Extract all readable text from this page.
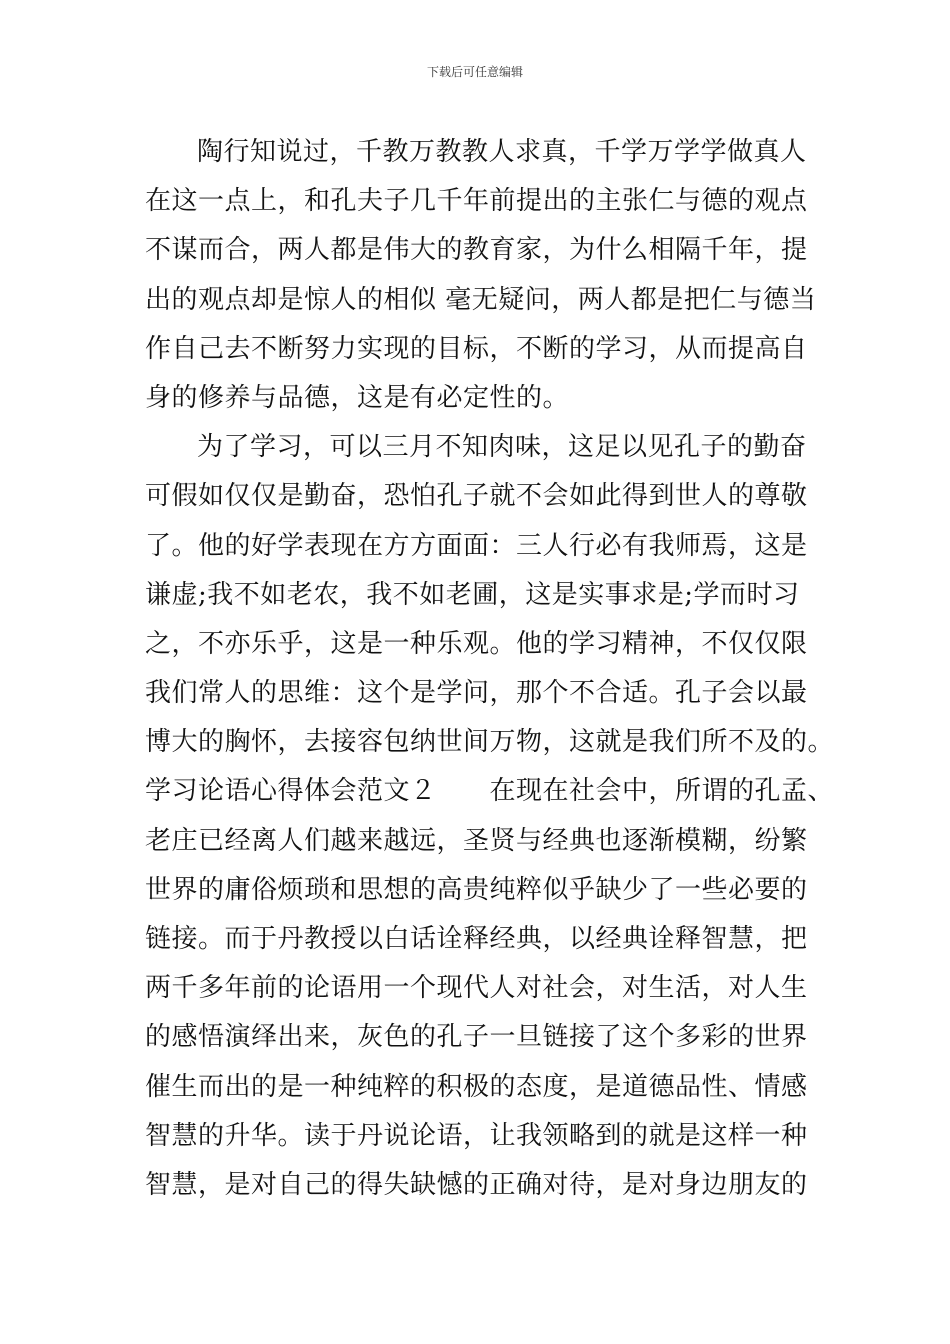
下载后可任意编辑
陶行知说过，千教万教教人求真，千学万学学做真人
在这一点上，和孔夫子几千年前提出的主张仁与德的观点
不谋而合，两人都是伟大的教育家，为什么相隔千年，提
出的观点却是惊人的相似 毫无疑问，两人都是把仁与德当
作自己去不断努力实现的目标，不断的学习，从而提高自
身的修养与品德，这是有必定性的。
为了学习，可以三月不知肉味，这足以见孔子的勤奋
可假如仅仅是勤奋，恐怕孔子就不会如此得到世人的尊敬
了。他的好学表现在方方面面：三人行必有我师焉，这是
谦虚;我不如老农，我不如老圃，这是实事求是;学而时习
之，不亦乐乎，这是一种乐观。他的学习精神，不仅仅限
我们常人的思维：这个是学问，那个不合适。孔子会以最
博大的胸怀，去接容包纳世间万物，这就是我们所不及的。
学习论语心得体会范文２　　在现在社会中，所谓的孔孟、
老庄已经离人们越来越远，圣贤与经典也逐渐模糊，纷繁
世界的庸俗烦琐和思想的高贵纯粹似乎缺少了一些必要的
链接。而于丹教授以白话诠释经典，以经典诠释智慧，把
两千多年前的论语用一个现代人对社会，对生活，对人生
的感悟演绎出来，灰色的孔子一旦链接了这个多彩的世界
催生而出的是一种纯粹的积极的态度，是道德品性、情感
智慧的升华。读于丹说论语，让我领略到的就是这样一种
智慧，是对自己的得失缺憾的正确对待，是对身边朋友的
